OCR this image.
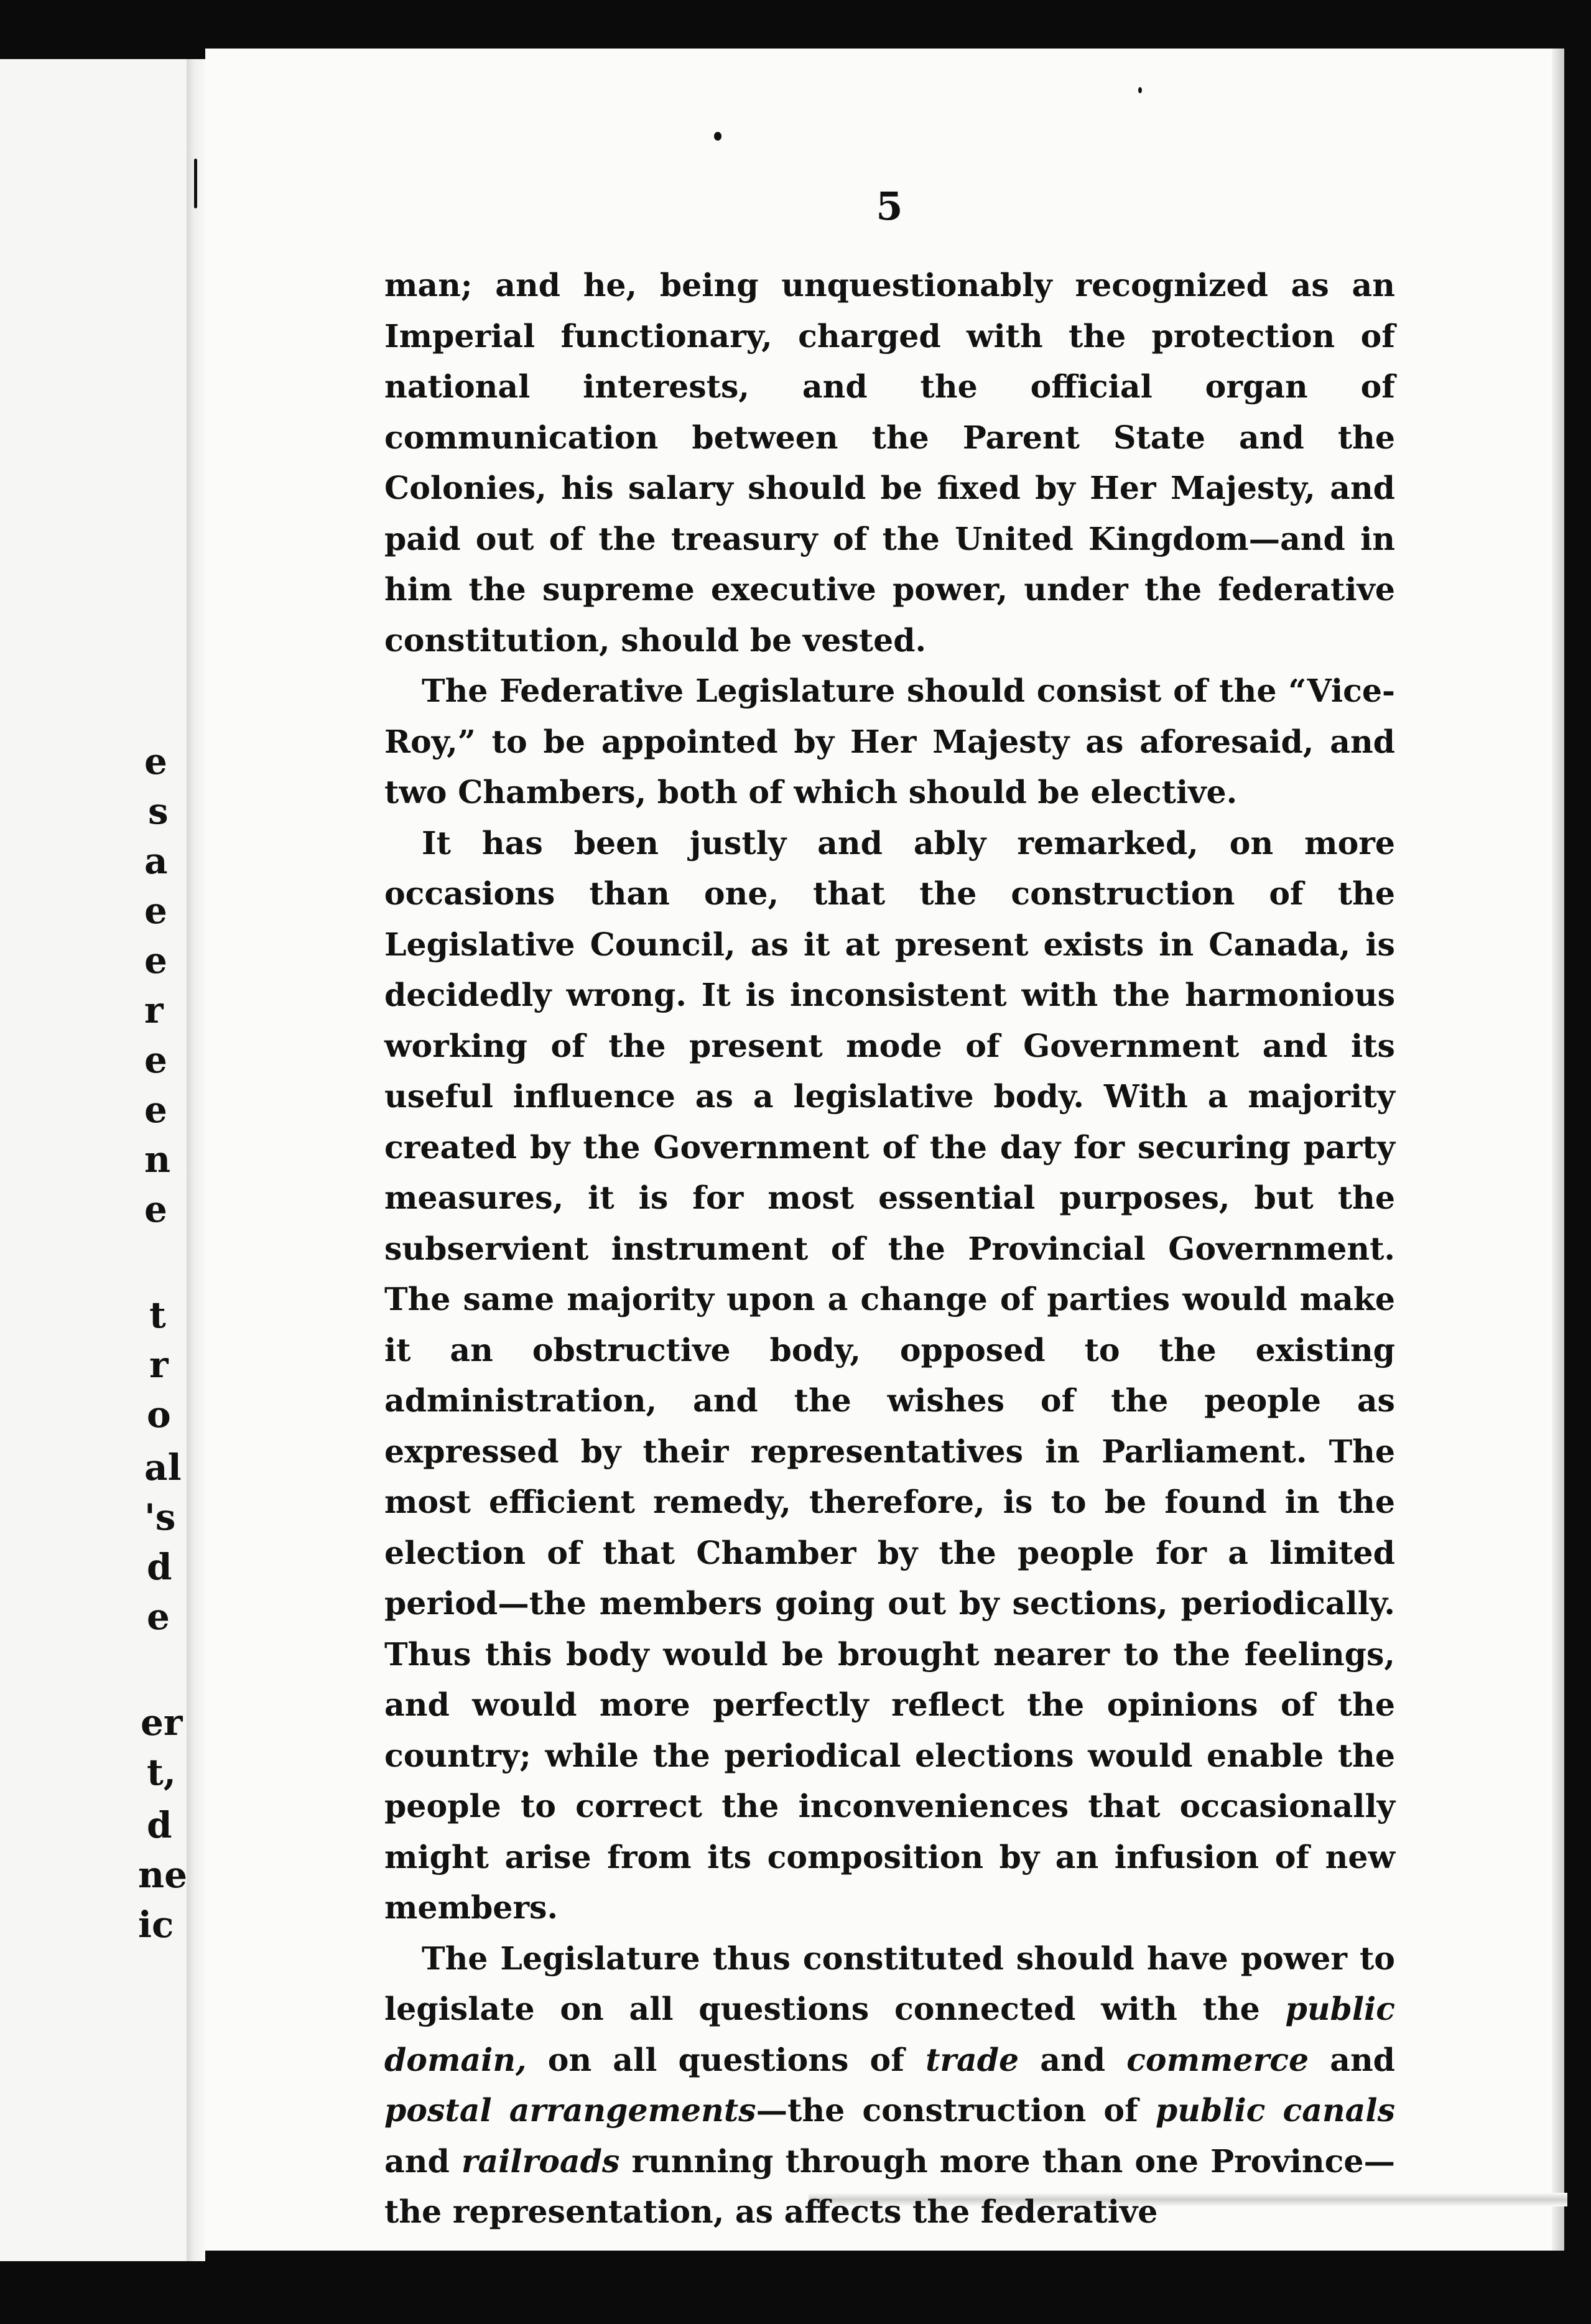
e
s
a
e
e
r
e
e
n
e
t
r
o
al
's
d
e
er
t,
d
ne
ic
5

man; and he, being unquestionably recognized as an Imperial functionary, charged with the protection of national interests, and the official organ of communication between the Parent State and the Colonies, his salary should be fixed by Her Majesty, and paid out of the treasury of the United Kingdom—and in him the supreme executive power, under the federative constitution, should be vested.

The Federative Legislature should consist of the “Vice-Roy,” to be appointed by Her Majesty as aforesaid, and two Chambers, both of which should be elective.

It has been justly and ably remarked, on more occasions than one, that the construction of the Legislative Council, as it at present exists in Canada, is decidedly wrong. It is inconsistent with the harmonious working of the present mode of Government and its useful influence as a legislative body. With a majority created by the Government of the day for securing party measures, it is for most essential purposes, but the subservient instrument of the Provincial Government. The same majority upon a change of parties would make it an obstructive body, opposed to the existing administration, and the wishes of the people as expressed by their representatives in Parliament. The most efficient remedy, therefore, is to be found in the election of that Chamber by the people for a limited period—the members going out by sections, periodically. Thus this body would be brought nearer to the feelings, and would more perfectly reflect the opinions of the country; while the periodical elections would enable the people to correct the inconveniences that occasionally might arise from its composition by an infusion of new members.

The Legislature thus constituted should have power to legislate on all questions connected with the public domain, on all questions of trade and commerce and postal arrangements—the construction of public canals and railroads running through more than one Province—the representation, as affects the federative
